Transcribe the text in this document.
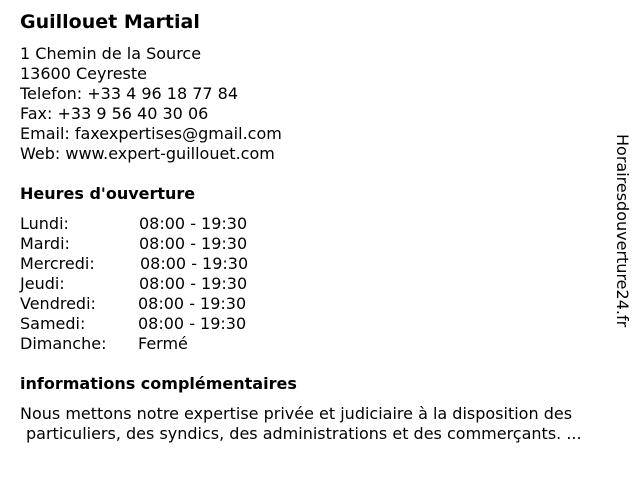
Guillouet Martial
1 Chemin de la Source
13600 Ceyreste
Telefon: +33 4 96 18 77 84
Fax: +33 9 56 40 30 06
Email: faxexpertises@gmail.com
Web: www.expert-guillouet.com
Heures d'ouverture
Lundi:	08:00 - 19:30
Mardi:	08:00 - 19:30
Mercredi:	08:00 - 19:30
Jeudi:	08:00 - 19:30
Vendredi:	08:00 - 19:30
Samedi:	08:00 - 19:30
Dimanche: Fermé
informations complémentaires
Nous mettons notre expertise privée et judiciaire à la disposition des
particuliers, des syndics, des administrations et des commerçants. ...
Horairesdouverture24.fr
